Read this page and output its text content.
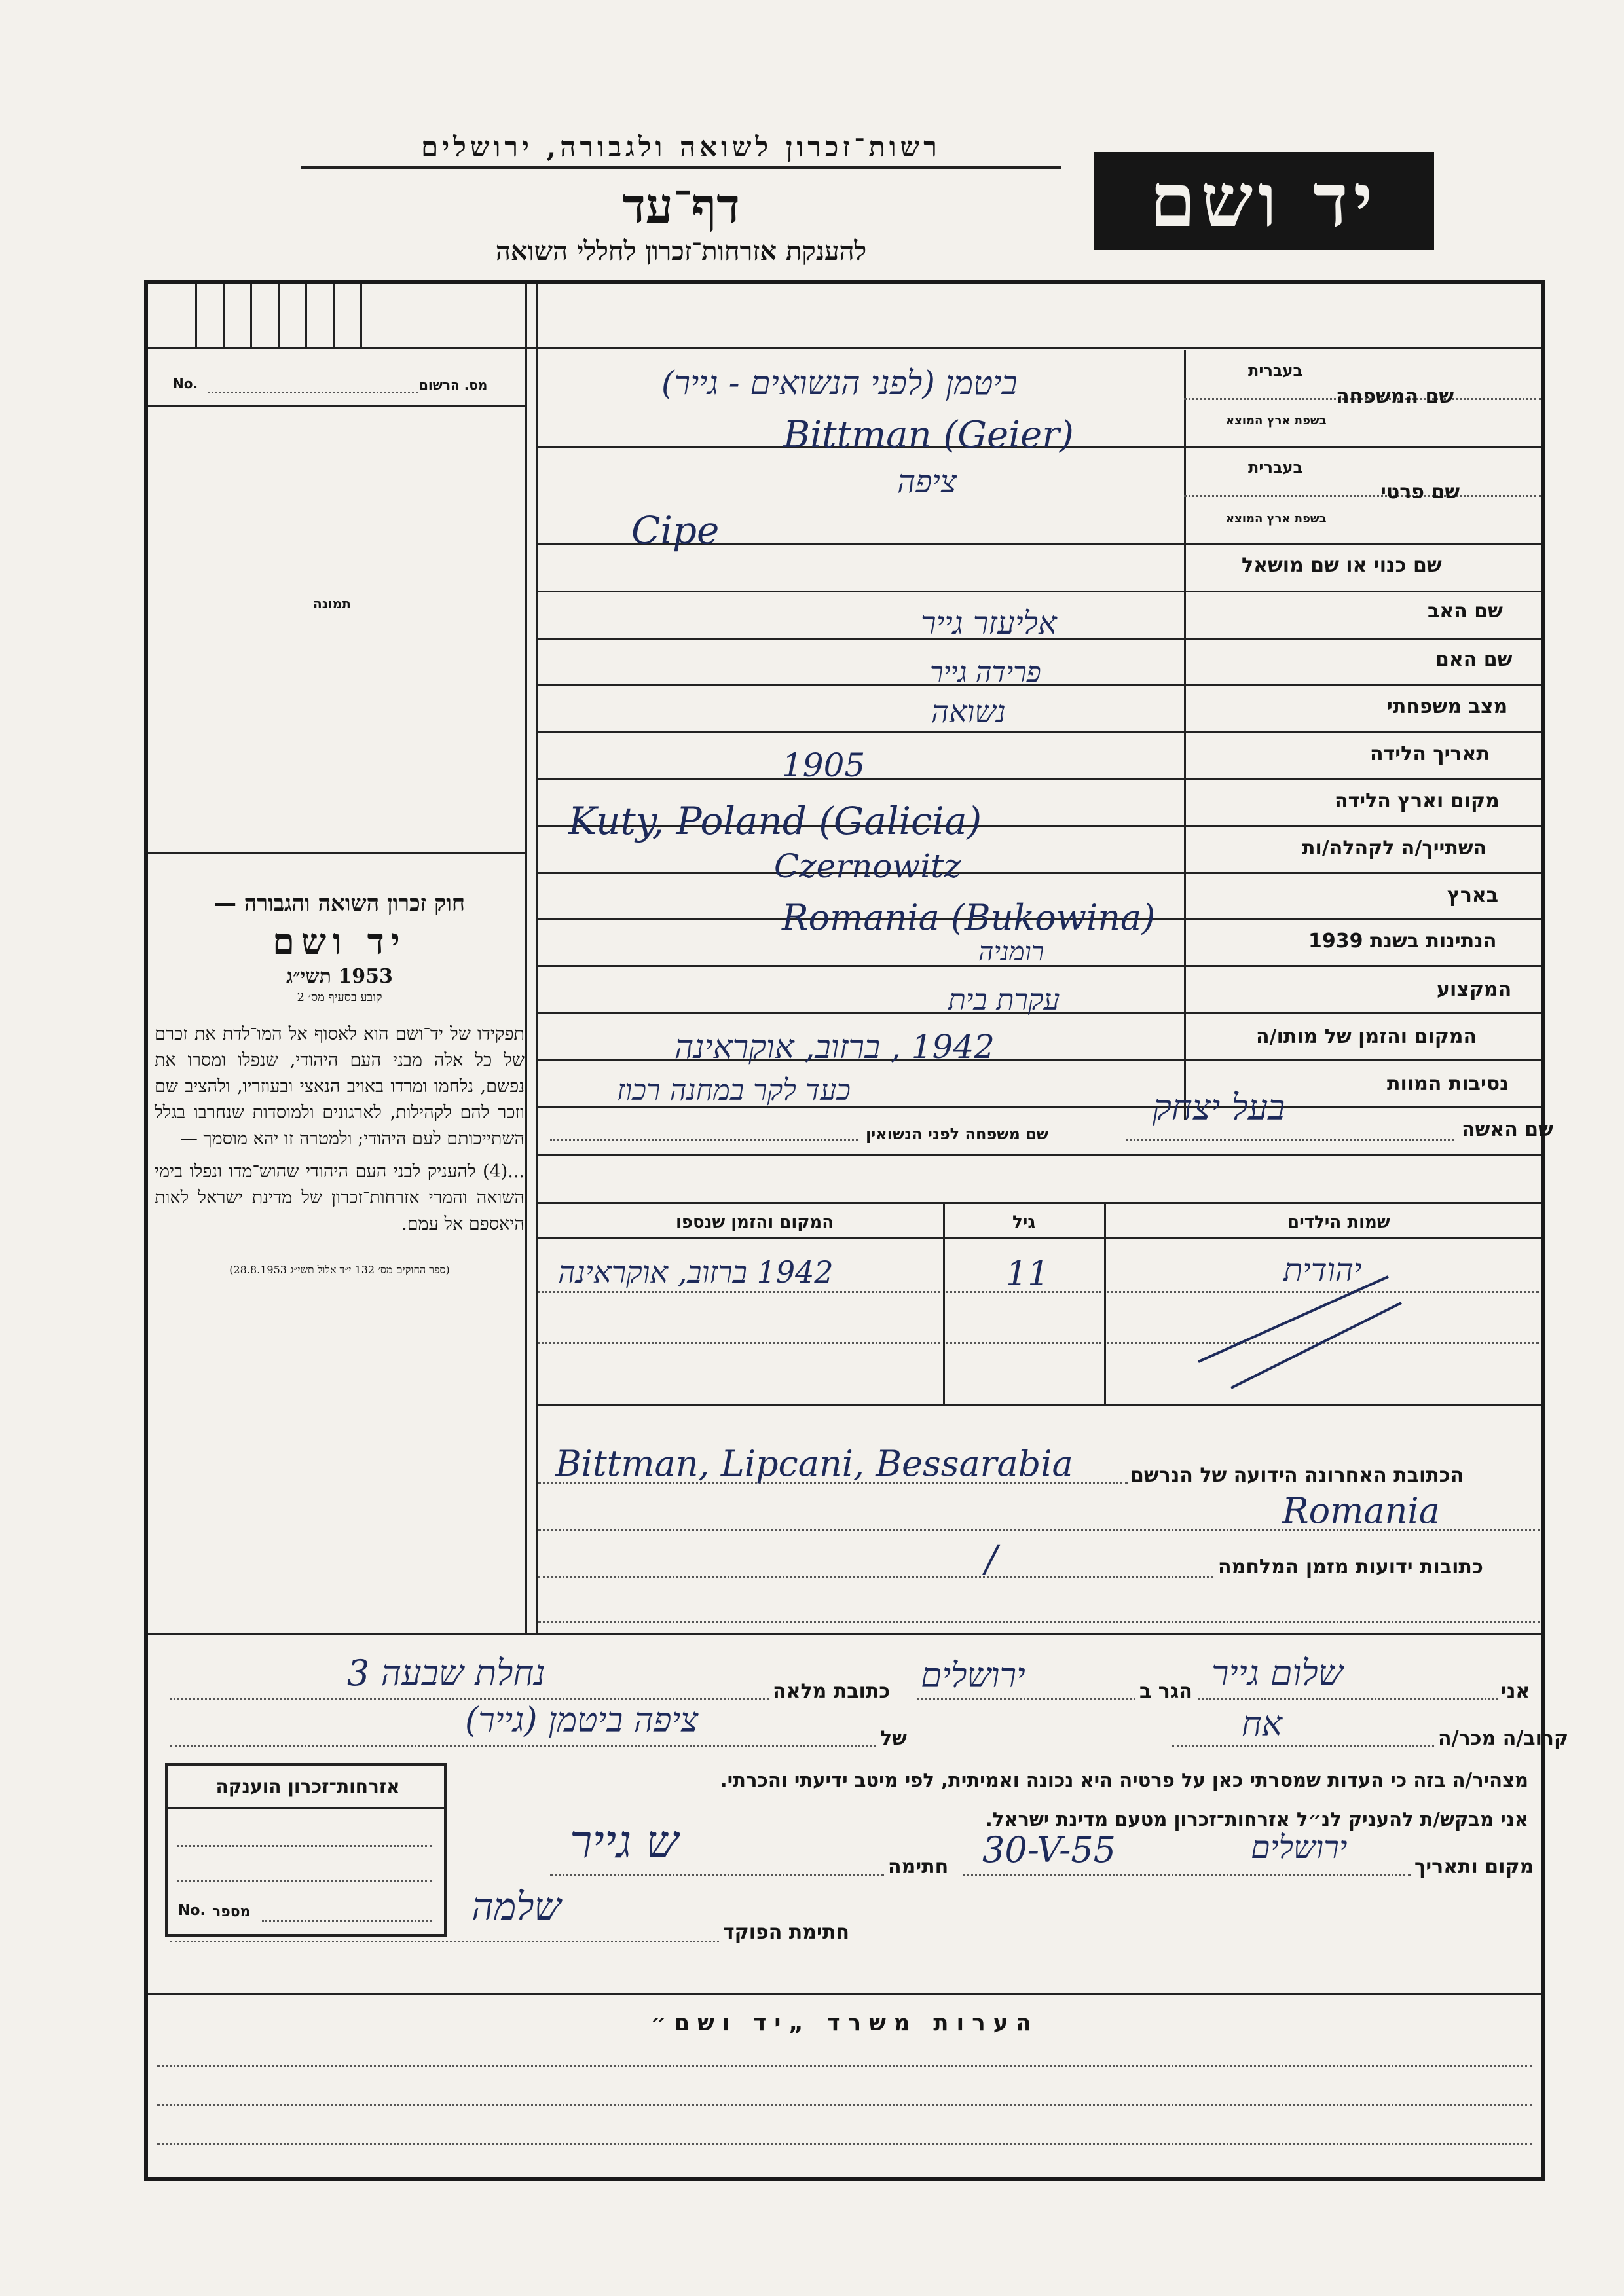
רשות־זכרון לשואה ולגבורה, ירושלים
דף־עד
להענקת אזרחות־זכרון לחללי השואה
יד ושם
מס. הרשום
No.
תמונה
חוק זכרון השואה והגבורה —
יד ושם
1953 תשי״ג
קובע בסעיף מס׳ 2
תפקידו של יד־ושם הוא לאסוף אל המו־לדת את זכרם של כל אלה מבני העם היהודי, שנפלו ומסרו את נפשם, נלחמו ומרדו באויב הנאצי ובעוזריו, ולהציב שם וזכר להם לקהילות, לארגונים ולמוסדות שנחרבו בגלל השתייכותם לעם היהודי; ולמטרה זו יהא מוסמך —
...(4) להעניק לבני העם היהודי שהוש־מדו ונפלו בימי השואה והמרי אזרחות־זכרון של מדינת ישראל לאות היאספם אל עמם.
(ספר החוקים מס׳ 132 י״ד אלול תשי״ג 28.8.1953)
שם המשפחה
בעברית
בשפת ארץ המוצא
ביטמן (לפני הנשואים - גייר)
Bittman (Geier)
שם פרטי
בעברית
בשפת ארץ המוצא
ציפה
Cipe
שם כנוי או שם מושאל
שם האב
אליעזר גייר
שם האם
פרידה גייר
מצב משפחתי
נשואה
תאריך הלידה
1905
מקום וארץ הלידה
Kuty, Poland (Galicia)
השתייך/ה לקהלה/ות
Czernowitz
בארץ
Romania (Bukowina)
הנתינות בשנת 1939
רומניה
המקצוע
עקרת בית
המקום והזמן של מותו/ה
1942 , ברזוב, אוקראינה
נסיבות המוות
כעד לקר במחנה רכוז
שם האשה
שם משפחה לפני הנשואין
בעל יצחק
שמות הילדים
גיל
המקום והזמן שנספו
יהודית
11
1942 ברזוב, אוקראינה
הכתובת האחרונה הידועה של הנרשם
Bittman, Lipcani, Bessarabia
Romania
כתובות ידועות מזמן המלחמה
/
אני
שלום גייר
הגר ב
ירושלים
כתובת מלאה
נחלת שבעה 3
קרוב/ה מכר/ה
אח
של
ציפה ביטמן (גייר)
מצהיר/ה בזה כי העדות שמסרתי כאן על פרטיה היא נכונה ואמיתית, לפי מיטב ידיעתי והכרתי.
אני מבקש/ת להעניק לנ״ל אזרחות־זכרון מטעם מדינת ישראל.
מקום ותאריך
ירושלים
30-V-55
חתימה
ש גייר
חתימת הפוקד
שלמה
אזרחות־זכרון הוענקה
מספר
No.
הערות משרד „יד ושם״
